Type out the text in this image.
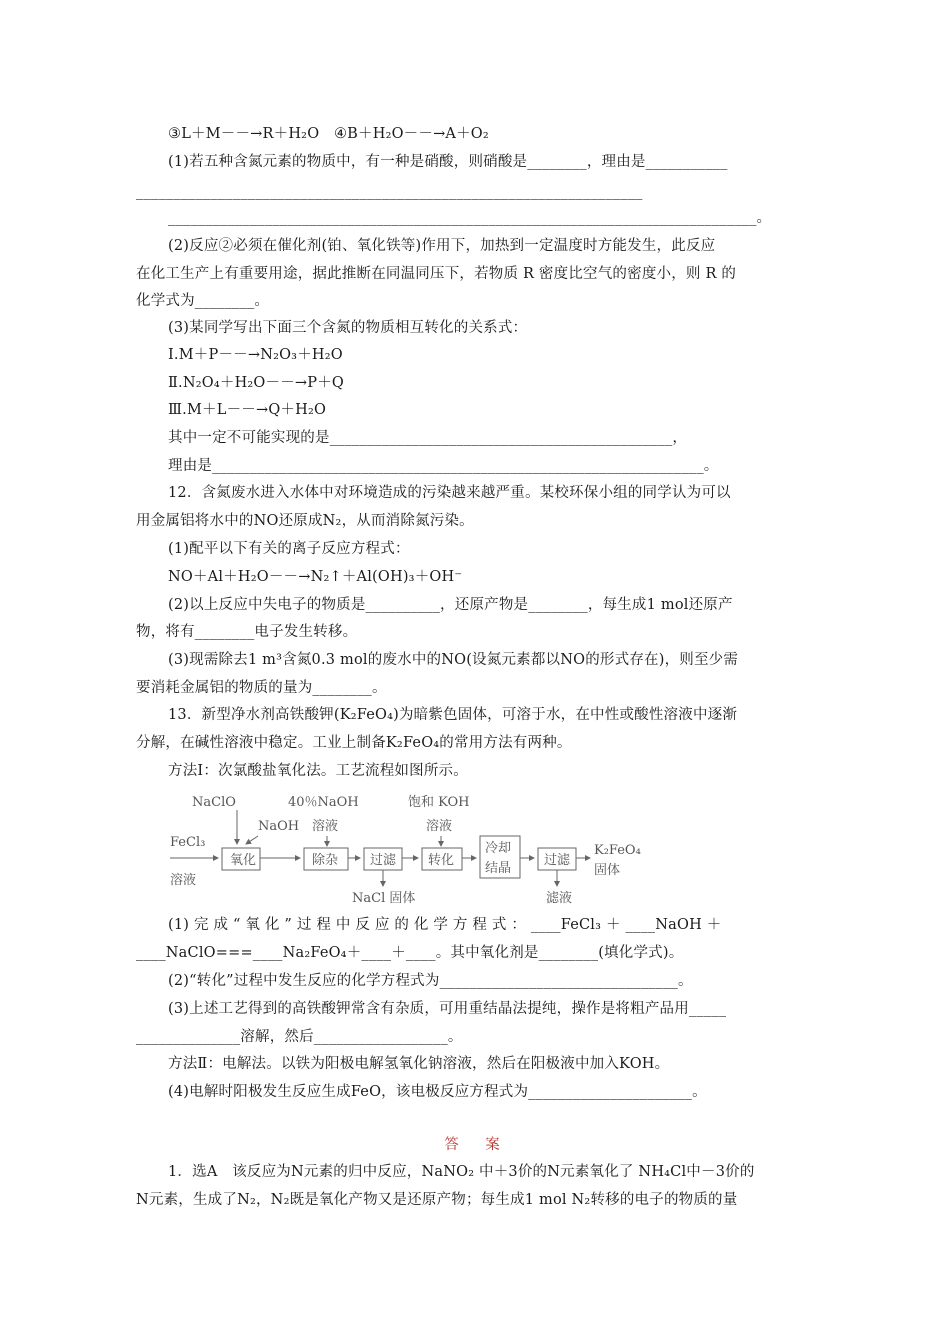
③L＋M－－→R＋H₂O　④B＋H₂O－－→A＋O₂
(1)若五种含氮元素的物质中，有一种是硝酸，则硝酸是________，理由是___________
____________________________________________________________________
_______________________________________________________________________________。
(2)反应②必须在催化剂(铂、氧化铁等)作用下，加热到一定温度时方能发生，此反应
在化工生产上有重要用途，据此推断在同温同压下，若物质 R 密度比空气的密度小，则 R 的
化学式为________。
(3)某同学写出下面三个含氮的物质相互转化的关系式：
Ⅰ.M＋P－－→N₂O₃＋H₂O
Ⅱ.N₂O₄＋H₂O－－→P＋Q
Ⅲ.M＋L－－→Q＋H₂O
其中一定不可能实现的是______________________________________________，
理由是__________________________________________________________________。
12．含氮废水进入水体中对环境造成的污染越来越严重。某校环保小组的同学认为可以
用金属铝将水中的NO还原成N₂，从而消除氮污染。
(1)配平以下有关的离子反应方程式：
NO＋Al＋H₂O－－→N₂↑＋Al(OH)₃＋OH⁻
(2)以上反应中失电子的物质是__________，还原产物是________，每生成1 mol还原产
物，将有________电子发生转移。
(3)现需除去1 m³含氮0.3 mol的废水中的NO(设氮元素都以NO的形式存在)，则至少需
要消耗金属铝的物质的量为________。
13．新型净水剂高铁酸钾(K₂FeO₄)为暗紫色固体，可溶于水，在中性或酸性溶液中逐渐
分解，在碱性溶液中稳定。工业上制备K₂FeO₄的常用方法有两种。
方法Ⅰ：次氯酸盐氧化法。工艺流程如图所示。
NaClO
NaOH
40％NaOH
溶液
饱和 KOH
溶液
FeCl₃
溶液
氧化	除杂 过滤 转化
冷却
结晶
过滤
K₂FeO₄
固体
NaCl 固体	滤液
(1) 完 成 “ 氧 化 ” 过 程 中 反 应 的 化 学 方 程 式 ： ____FeCl₃ ＋ ____NaOH ＋
____NaClO===____Na₂FeO₄＋____＋____。其中氧化剂是________(填化学式)。
(2)“转化”过程中发生反应的化学方程式为________________________________。
(3)上述工艺得到的高铁酸钾常含有杂质，可用重结晶法提纯，操作是将粗产品用_____
______________溶解，然后__________________。
方法Ⅱ：电解法。以铁为阳极电解氢氧化钠溶液，然后在阳极液中加入KOH。
(4)电解时阳极发生反应生成FeO，该电极反应方程式为______________________。
答　案
1．选A　该反应为N元素的归中反应，NaNO₂ 中＋3价的N元素氧化了 NH₄Cl中－3价的
N元素，生成了N₂，N₂既是氧化产物又是还原产物；每生成1 mol N₂转移的电子的物质的量
